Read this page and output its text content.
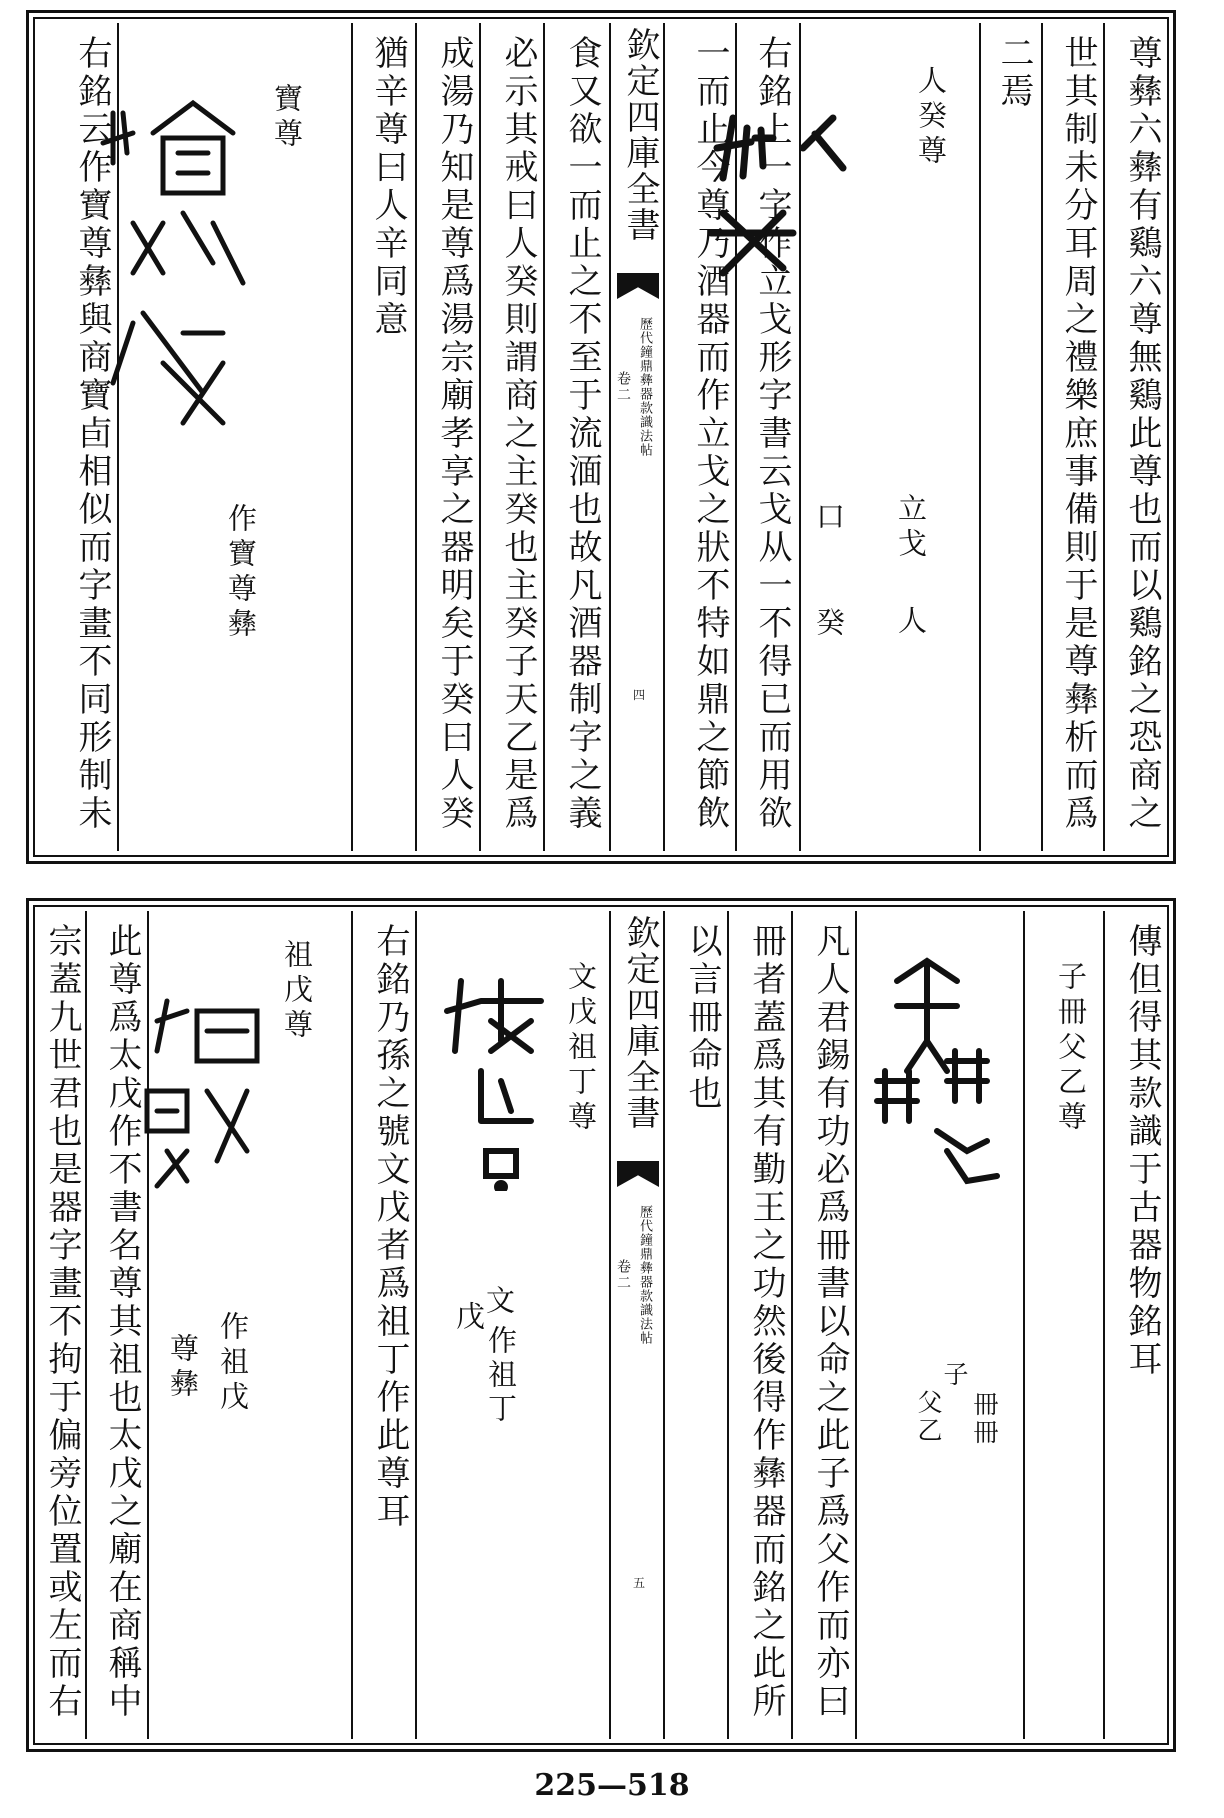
尊彝六彝有鷄六尊無鷄此尊也而以鷄銘之恐商之
世其制未分耳周之禮樂庶事備則于是尊彝析而爲
二焉
人癸尊
立戈
人
口
癸
右銘上一字作立戈形字書云戈从一不得已而用欲
一而止今尊乃酒器而作立戈之狀不特如鼎之節飲
欽定四庫全書
歷代鐘鼎彝器款識法帖
卷二
四
食又欲一而止之不至于流湎也故凡酒器制字之義
必示其戒曰人癸則謂商之主癸也主癸子天乙是爲
成湯乃知是尊爲湯宗廟孝享之器明矣于癸曰人癸
猶辛尊曰人辛同意
寶尊
作寶尊彝
右銘云作寶尊彝與商寶卣相似而字畫不同形制未
傳但得其款識于古器物銘耳
子冊父乙尊
子
冊冊
父乙
凡人君錫有功必爲冊書以命之此子爲父作而亦曰
冊者蓋爲其有勤王之功然後得作彝器而銘之此所
以言冊命也
欽定四庫全書
歷代鐘鼎彝器款識法帖
卷二
五
文戊祖丁尊
文
戊
作
祖
丁
右銘乃孫之號文戊者爲祖丁作此尊耳
祖戊尊
作祖戊
尊彝
此尊爲太戊作不書名尊其祖也太戊之廟在商稱中
宗蓋九世君也是器字畫不拘于偏旁位置或左而右
225—518
